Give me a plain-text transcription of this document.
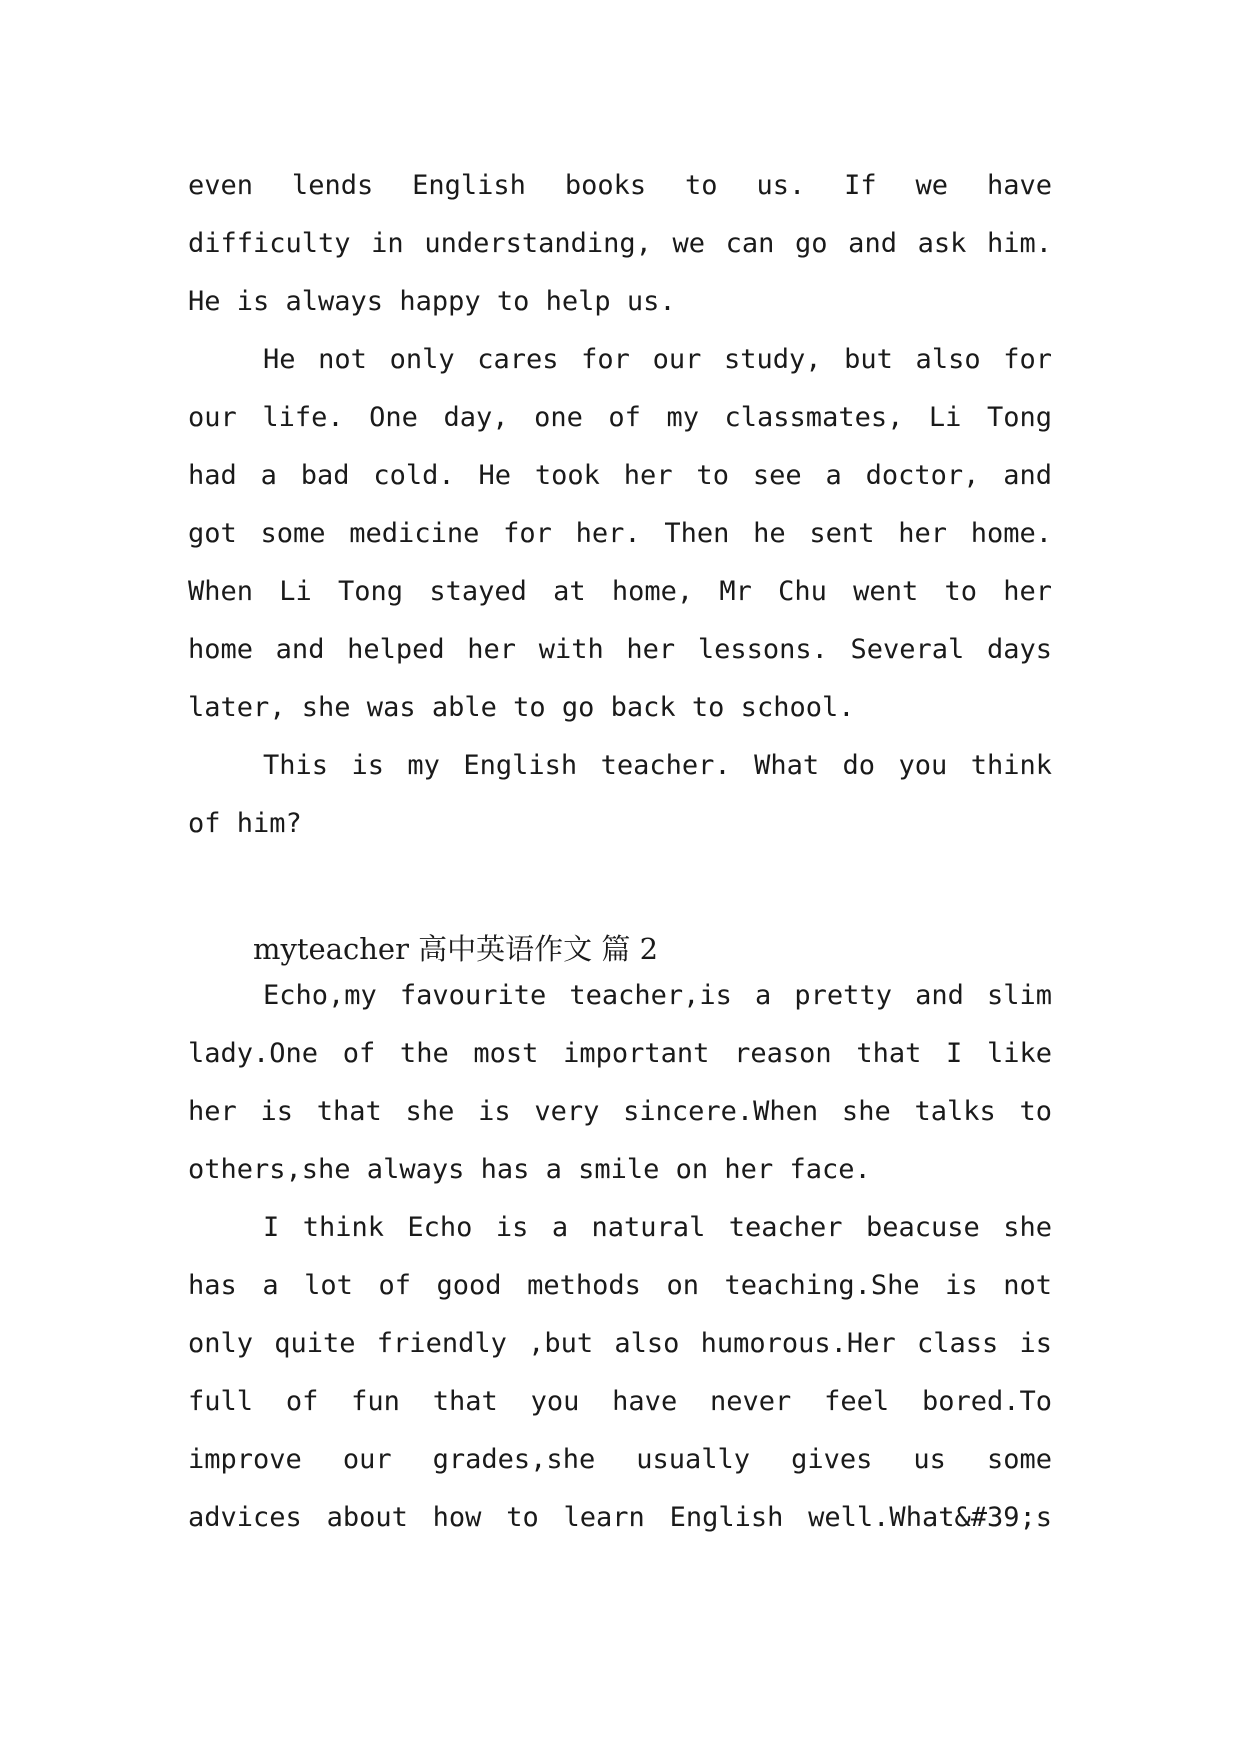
even lends English books to us. If we have
difficulty in understanding, we can go and ask him.
He is always happy to help us.
He not only cares for our study, but also for
our life. One day, one of my classmates, Li Tong
had a bad cold. He took her to see a doctor, and
got some medicine for her. Then he sent her home.
When Li Tong stayed at home, Mr Chu went to her
home and helped her with her lessons. Several days
later, she was able to go back to school.
This is my English teacher. What do you think
of him?
myteacher 高中英语作文 篇 2
Echo,my favourite teacher,is a pretty and slim
lady.One of the most important reason that I like
her is that she is very sincere.When she talks to
others,she always has a smile on her face.
I think Echo is a natural teacher beacuse she
has a lot of good methods on teaching.She is not
only quite friendly ,but also humorous.Her class is
full of fun that you have never feel bored.To
improve our grades,she usually gives us some
advices about how to learn English well.What&#39;s
